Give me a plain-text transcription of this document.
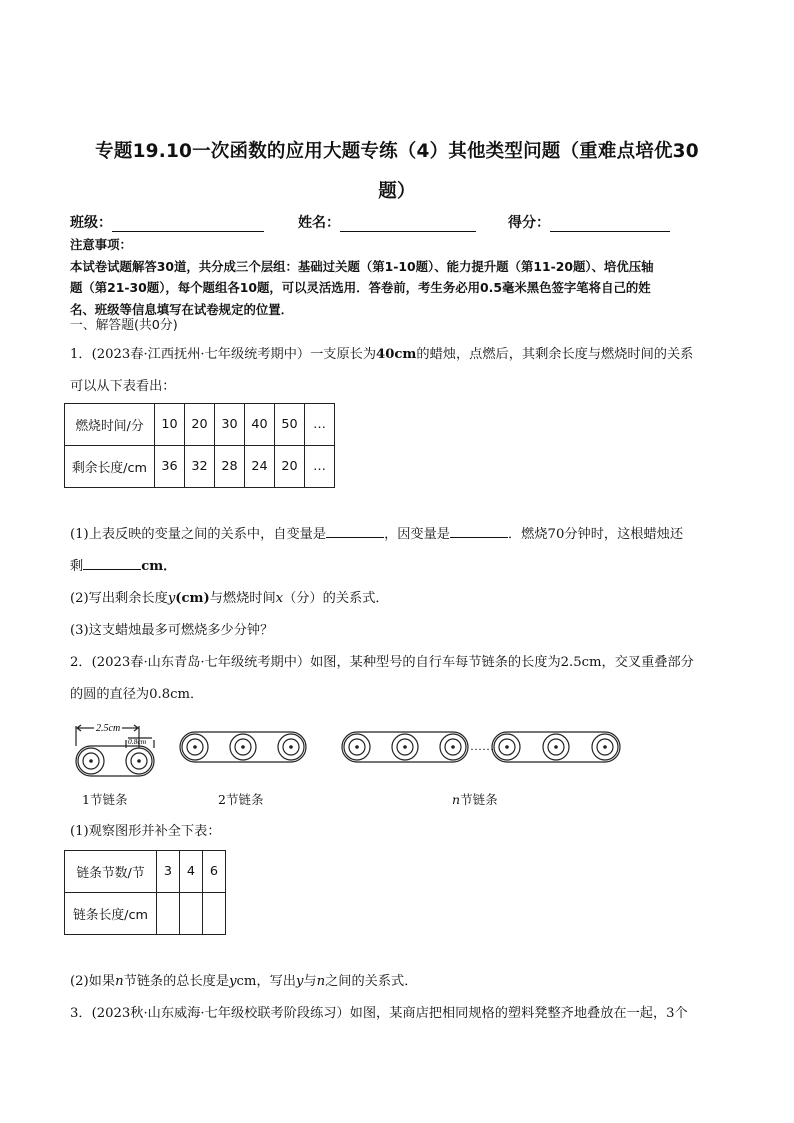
专题19.10一次函数的应用大题专练（4）其他类型问题（重难点培优30
题）
班级：	姓名：	得分：

注意事项：

本试卷试题解答30道，共分成三个层组：基础过关题（第1-10题）、能力提升题（第11-20题）、培优压轴

题（第21-30题），每个题组各10题，可以灵活选用．答卷前，考生务必用0.5毫米黑色签字笔将自己的姓

名、班级等信息填写在试卷规定的位置．

一、解答题(共0分)
1．(2023春·江西抚州·七年级统考期中）一支原长为40cm的蜡烛，点燃后，其剩余长度与燃烧时间的关系
可以从下表看出：
燃烧时间/分	10	20	30	40	50	…
剩余长度/cm	36	32	28	24	20	…
(1)上表反映的变量之间的关系中，自变量是	，因变量是	．燃烧70分钟时，这根蜡烛还
剩	cm．
(2)写出剩余长度y(cm)与燃烧时间x（分）的关系式．
(3)这支蜡烛最多可燃烧多少分钟？
2．(2023春·山东青岛·七年级统考期中）如图，某种型号的自行车每节链条的长度为2.5cm，交叉重叠部分
的圆的直径为0.8cm．
2.5cm
0.8cm	……
1节链条	2节链条	n节链条
(1)观察图形并补全下表：
链条节数/节	3	4	6
链条长度/cm			
(2)如果n节链条的总长度是ycm，写出y与n之间的关系式．
3．(2023秋·山东威海·七年级校联考阶段练习）如图，某商店把相同规格的塑料凳整齐地叠放在一起，3个
